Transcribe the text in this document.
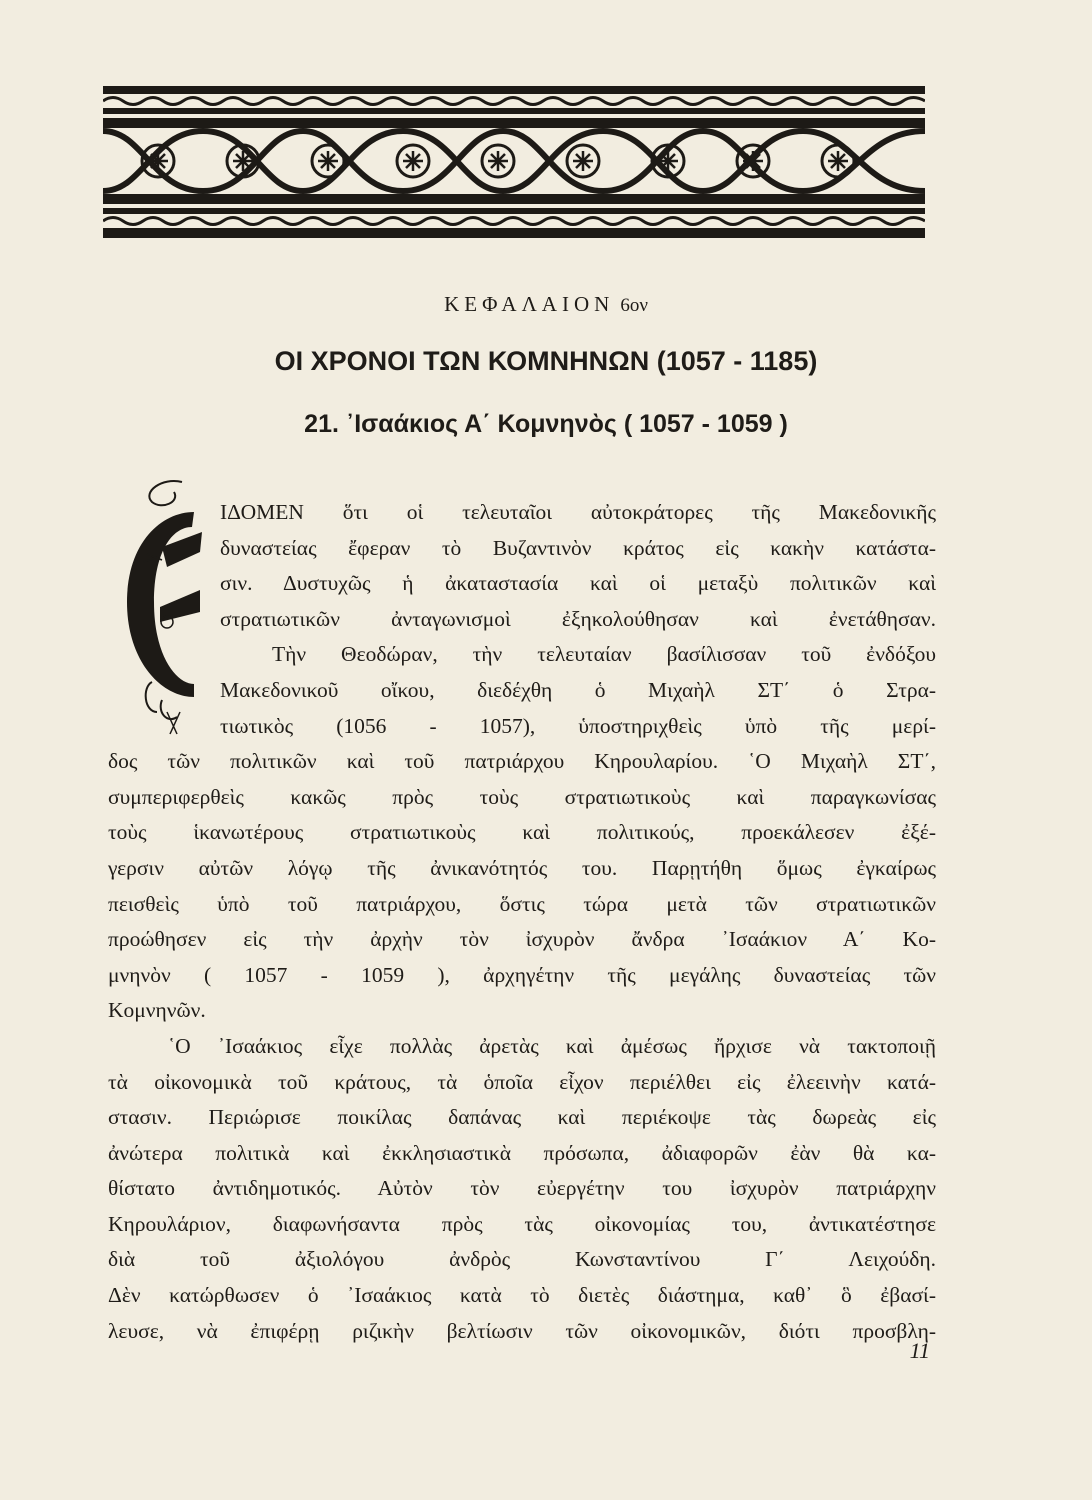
ΚΕΦΑΛΑΙΟΝ 6ον
ΟΙ ΧΡΟΝΟΙ ΤΩΝ ΚΟΜΝΗΝΩΝ (1057 - 1185)
21. ᾽Ισαάκιος Α΄ Κομνηνὸς ( 1057 - 1059 )
ΙΔΟΜΕΝ ὅτι οἱ τελευταῖοι αὐτοκράτορες τῆς Μακεδονικῆς
δυναστείας ἔφεραν τὸ Βυζαντινὸν κράτος εἰς κακὴν κατάστα-
σιν. Δυστυχῶς ἡ ἀκαταστασία καὶ οἱ μεταξὺ πολιτικῶν καὶ
στρατιωτικῶν ἀνταγωνισμοὶ ἐξηκολούθησαν καὶ ἐνετάθησαν.
Τὴν Θεοδώραν, τὴν τελευταίαν βασίλισσαν τοῦ ἐνδόξου
Μακεδονικοῦ οἴκου, διεδέχθη ὁ Μιχαὴλ ΣΤ΄ ὁ Στρα-
τιωτικὸς (1056 - 1057), ὑποστηριχθεὶς ὑπὸ τῆς μερί-
δος τῶν πολιτικῶν καὶ τοῦ πατριάρχου Κηρουλαρίου. ῾Ο Μιχαὴλ ΣΤ΄,
συμπεριφερθεὶς κακῶς πρὸς τοὺς στρατιωτικοὺς καὶ παραγκωνίσας
τοὺς ἱκανωτέρους στρατιωτικοὺς καὶ πολιτικούς, προεκάλεσεν ἐξέ-
γερσιν αὐτῶν λόγῳ τῆς ἀνικανότητός του. Παρῃτήθη ὅμως ἐγκαίρως
πεισθεὶς ὑπὸ τοῦ πατριάρχου, ὅστις τώρα μετὰ τῶν στρατιωτικῶν
προώθησεν εἰς τὴν ἀρχὴν τὸν ἰσχυρὸν ἄνδρα ᾽Ισαάκιον Α΄ Κο-
μνηνὸν ( 1057 - 1059 ), ἀρχηγέτην τῆς μεγάλης δυναστείας τῶν
Κομνηνῶν.
῾Ο ᾽Ισαάκιος εἶχε πολλὰς ἀρετὰς καὶ ἀμέσως ἤρχισε νὰ τακτοποιῇ
τὰ οἰκονομικὰ τοῦ κράτους, τὰ ὁποῖα εἶχον περιέλθει εἰς ἐλεεινὴν κατά-
στασιν. Περιώρισε ποικίλας δαπάνας καὶ περιέκοψε τὰς δωρεὰς εἰς
ἀνώτερα πολιτικὰ καὶ ἐκκλησιαστικὰ πρόσωπα, ἀδιαφορῶν ἐὰν θὰ κα-
θίστατο ἀντιδημοτικός. Αὐτὸν τὸν εὐεργέτην του ἰσχυρὸν πατριάρχην
Κηρουλάριον, διαφωνήσαντα πρὸς τὰς οἰκονομίας του, ἀντικατέστησε
διὰ τοῦ ἀξιολόγου ἀνδρὸς Κωνσταντίνου Γ΄ Λειχούδη.
Δὲν κατώρθωσεν ὁ ᾽Ισαάκιος κατὰ τὸ διετὲς διάστημα, καθ᾽ ὃ ἐβασί-
λευσε, νὰ ἐπιφέρῃ ριζικὴν βελτίωσιν τῶν οἰκονομικῶν, διότι προσβλη-
11
